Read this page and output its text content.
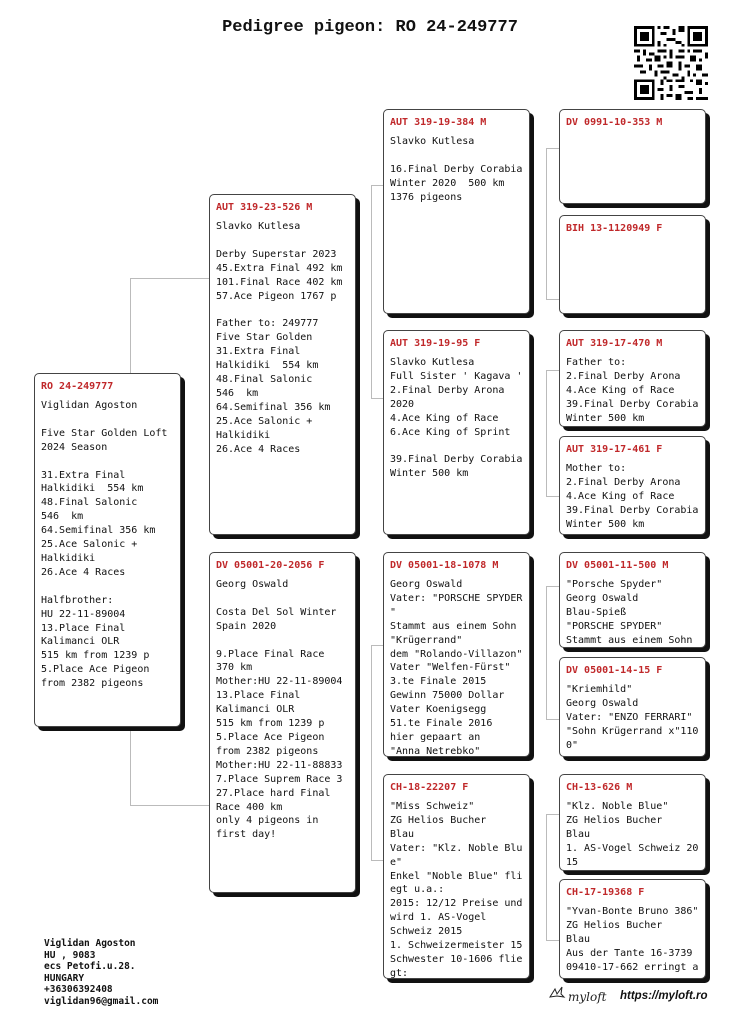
Pedigree pigeon: RO 24-249777
RO 24-249777
Viglidan Agoston

Five Star Golden Loft
2024 Season

31.Extra Final
Halkidiki  554 km
48.Final Salonic
546  km
64.Semifinal 356 km
25.Ace Salonic +
Halkidiki
26.Ace 4 Races

Halfbrother:
HU 22-11-89004
13.Place Final
Kalimanci OLR
515 km from 1239 p
5.Place Ace Pigeon
from 2382 pigeons
AUT 319-23-526 M
Slavko Kutlesa

Derby Superstar 2023
45.Extra Final 492 km
101.Final Race 402 km
57.Ace Pigeon 1767 p

Father to: 249777
Five Star Golden
31.Extra Final
Halkidiki  554 km
48.Final Salonic
546  km
64.Semifinal 356 km
25.Ace Salonic +
Halkidiki
26.Ace 4 Races
DV 05001-20-2056 F
Georg Oswald

Costa Del Sol Winter
Spain 2020

9.Place Final Race
370 km
Mother:HU 22-11-89004
13.Place Final
Kalimanci OLR
515 km from 1239 p
5.Place Ace Pigeon
from 2382 pigeons
Mother:HU 22-11-88833
7.Place Suprem Race 3
27.Place hard Final
Race 400 km
only 4 pigeons in
first day!
AUT 319-19-384 M
Slavko Kutlesa

16.Final Derby Corabia
Winter 2020  500 km
1376 pigeons
AUT 319-19-95 F
Slavko Kutlesa
Full Sister ' Kagava '
2.Final Derby Arona
2020
4.Ace King of Race
6.Ace King of Sprint

39.Final Derby Corabia
Winter 500 km
DV 05001-18-1078 M
Georg Oswald
Vater: "PORSCHE SPYDER
"
Stammt aus einem Sohn
"Krügerrand"
dem "Rolando-Villazon"
Vater "Welfen-Fürst"
3.te Finale 2015
Gewinn 75000 Dollar
Vater Koenigsegg
51.te Finale 2016
hier gepaart an
"Anna Netrebko"
CH-18-22207 F
"Miss Schweiz"
ZG Helios Bucher
Blau
Vater: "Klz. Noble Blu
e"
Enkel "Noble Blue" fli
egt u.a.:
2015: 12/12 Preise und
wird 1. AS-Vogel
Schweiz 2015
1. Schweizermeister 15
Schwester 10-1606 flie
gt:
DV 0991-10-353 M
BIH 13-1120949 F
AUT 319-17-470 M
Father to:
2.Final Derby Arona
4.Ace King of Race
39.Final Derby Corabia
Winter 500 km
AUT 319-17-461 F
Mother to:
2.Final Derby Arona
4.Ace King of Race
39.Final Derby Corabia
Winter 500 km
DV 05001-11-500 M
"Porsche Spyder"
Georg Oswald
Blau-Spieß
"PORSCHE SPYDER"
Stammt aus einem Sohn
DV 05001-14-15 F
"Kriemhild"
Georg Oswald
Vater: "ENZO FERRARI"
"Sohn Krügerrand x"110
0"
CH-13-626 M
"Klz. Noble Blue"
ZG Helios Bucher
Blau
1. AS-Vogel Schweiz 20
15
CH-17-19368 F
"Yvan-Bonte Bruno 386"
ZG Helios Bucher
Blau
Aus der Tante 16-3739
09410-17-662 erringt a
Viglidan Agoston
HU , 9083
ecs Petofi.u.28.
HUNGARY
+36306392408
viglidan96@gmail.com	myloft https://myloft.ro
